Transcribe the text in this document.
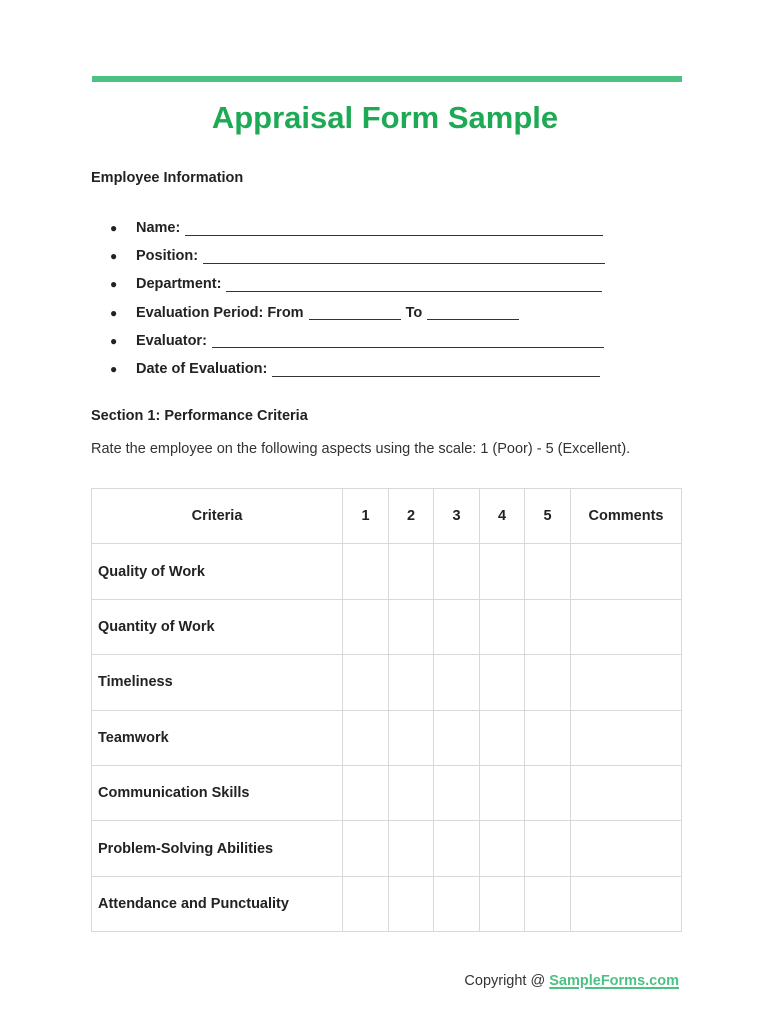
Appraisal Form Sample
Employee Information
●	Name:
●	Position:
●	Department:
●	Evaluation Period: From	To
●	Evaluator:
●	Date of Evaluation:
Section 1: Performance Criteria

Rate the employee on the following aspects using the scale: 1 (Poor) - 5 (Excellent).

Criteria	1	2	3	4	5	Comments
Quality of Work						
Quantity of Work						
Timeliness						
Teamwork						
Communication Skills						
Problem-Solving Abilities						
Attendance and Punctuality						

Copyright @ SampleForms.com
